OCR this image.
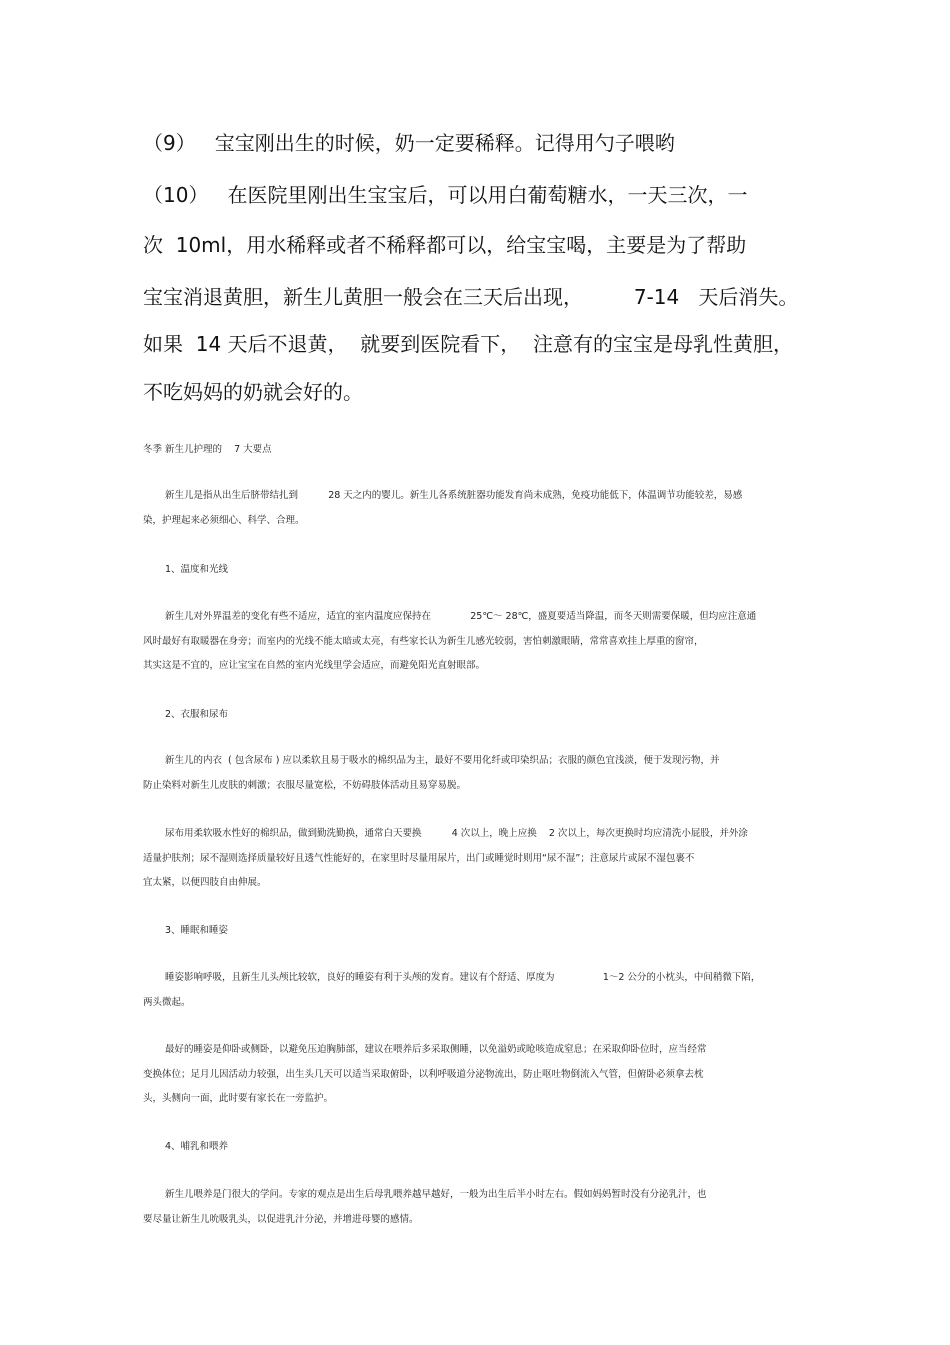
（9）   宝宝刚出生的时候，奶一定要稀释。记得用勺子喂哟
（10）   在医院里刚出生宝宝后，可以用白葡萄糖水，一天三次，一
次  10ml，用水稀释或者不稀释都可以，给宝宝喝，主要是为了帮助
宝宝消退黄胆，新生儿黄胆一般会在三天后出现，        7-14   天后消失。
如果  14 天后不退黄，  就要到医院看下，  注意有的宝宝是母乳性黄胆，
不吃妈妈的奶就会好的。
冬季 新生儿护理的    7 大要点
新生儿是指从出生后脐带结扎到          28 天之内的婴儿。新生儿各系统脏器功能发育尚未成熟，免疫功能低下，体温调节功能较差，易感
染，护理起来必须细心、科学、合理。
1、温度和光线
新生儿对外界温差的变化有些不适应，适宜的室内温度应保持在             25℃～ 28℃，盛夏要适当降温，而冬天则需要保暖，但均应注意通
风时最好有取暖器在身旁；而室内的光线不能太暗或太亮，有些家长认为新生儿感光较弱，害怕刺激眼睛，常常喜欢挂上厚重的窗帘，
其实这是不宜的，应让宝宝在自然的室内光线里学会适应，而避免阳光直射眼部。
2、衣服和尿布
新生儿的内衣  ( 包含尿布 ) 应以柔软且易于吸水的棉织品为主，最好不要用化纤或印染织品；衣服的颜色宜浅淡，便于发现污物，并
防止染料对新生儿皮肤的刺激；衣服尽量宽松，不妨碍肢体活动且易穿易脱。
尿布用柔软吸水性好的棉织品，做到勤洗勤换，通常白天要换          4 次以上，晚上应换    2 次以上，每次更换时均应清洗小屁股，并外涂
适量护肤剂；尿不湿则选择质量较好且透气性能好的，在家里时尽量用尿片，出门或睡觉时则用“尿不湿”；注意尿片或尿不湿包裹不
宜太紧，以便四肢自由伸展。
3、睡眠和睡姿
睡姿影响呼吸，且新生儿头颅比较软，良好的睡姿有利于头颅的发育。建议有个舒适、厚度为                1～2 公分的小枕头，中间稍微下陷，
两头微起。
最好的睡姿是仰卧或侧卧，以避免压迫胸肺部，建议在喂养后多采取侧睡，以免溢奶或呛咳造成窒息；在采取仰卧位时，应当经常
变换体位；足月儿因活动力较强，出生头几天可以适当采取俯卧，以利呼吸道分泌物流出，防止呕吐物倒流入气管，但俯卧必须拿去枕
头，头侧向一面，此时要有家长在一旁监护。
4、哺乳和喂养
新生儿喂养是门很大的学问。专家的观点是出生后母乳喂养越早越好，一般为出生后半小时左右。假如妈妈暂时没有分泌乳汁，也
要尽量让新生儿吮吸乳头，以促进乳汁分泌，并增进母婴的感情。
